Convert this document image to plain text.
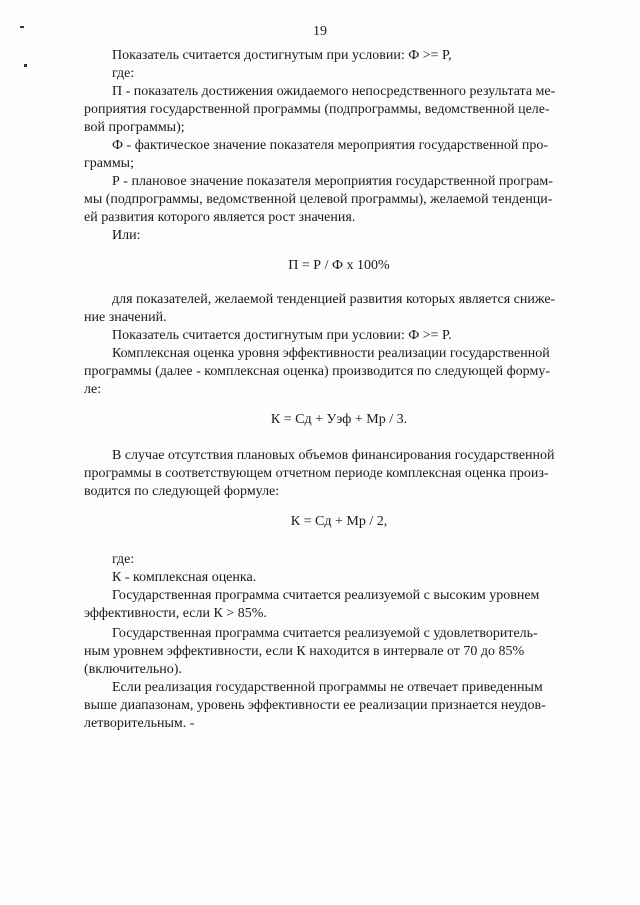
19
Показатель считается достигнутым при условии: Ф >= Р,
где:
П - показатель достижения ожидаемого непосредственного результата ме-
роприятия государственной программы (подпрограммы, ведомственной целе-
вой программы);
Ф - фактическое значение показателя мероприятия государственной про-
граммы;
Р - плановое значение показателя мероприятия государственной програм-
мы (подпрограммы, ведомственной целевой программы), желаемой тенденци-
ей развития которого является рост значения.
Или:
П = Р / Ф х 100%
для показателей, желаемой тенденцией развития которых является сниже-
ние значений.
Показатель считается достигнутым при условии: Ф >= Р.
Комплексная оценка уровня эффективности реализации государственной
программы (далее - комплексная оценка) производится по следующей форму-
ле:
К = Сд + Уэф + Мр / 3.
В случае отсутствия плановых объемов финансирования государственной
программы в соответствующем отчетном периоде комплексная оценка произ-
водится по следующей формуле:
К = Сд + Мр / 2,
где:
К - комплексная оценка.
Государственная программа считается реализуемой с высоким уровнем
эффективности, если К > 85%.
Государственная программа считается реализуемой с удовлетворитель-
ным уровнем эффективности, если К находится в интервале от 70 до 85%
(включительно).
Если реализация государственной программы не отвечает приведенным
выше диапазонам, уровень эффективности ее реализации признается неудов-
летворительным. -
